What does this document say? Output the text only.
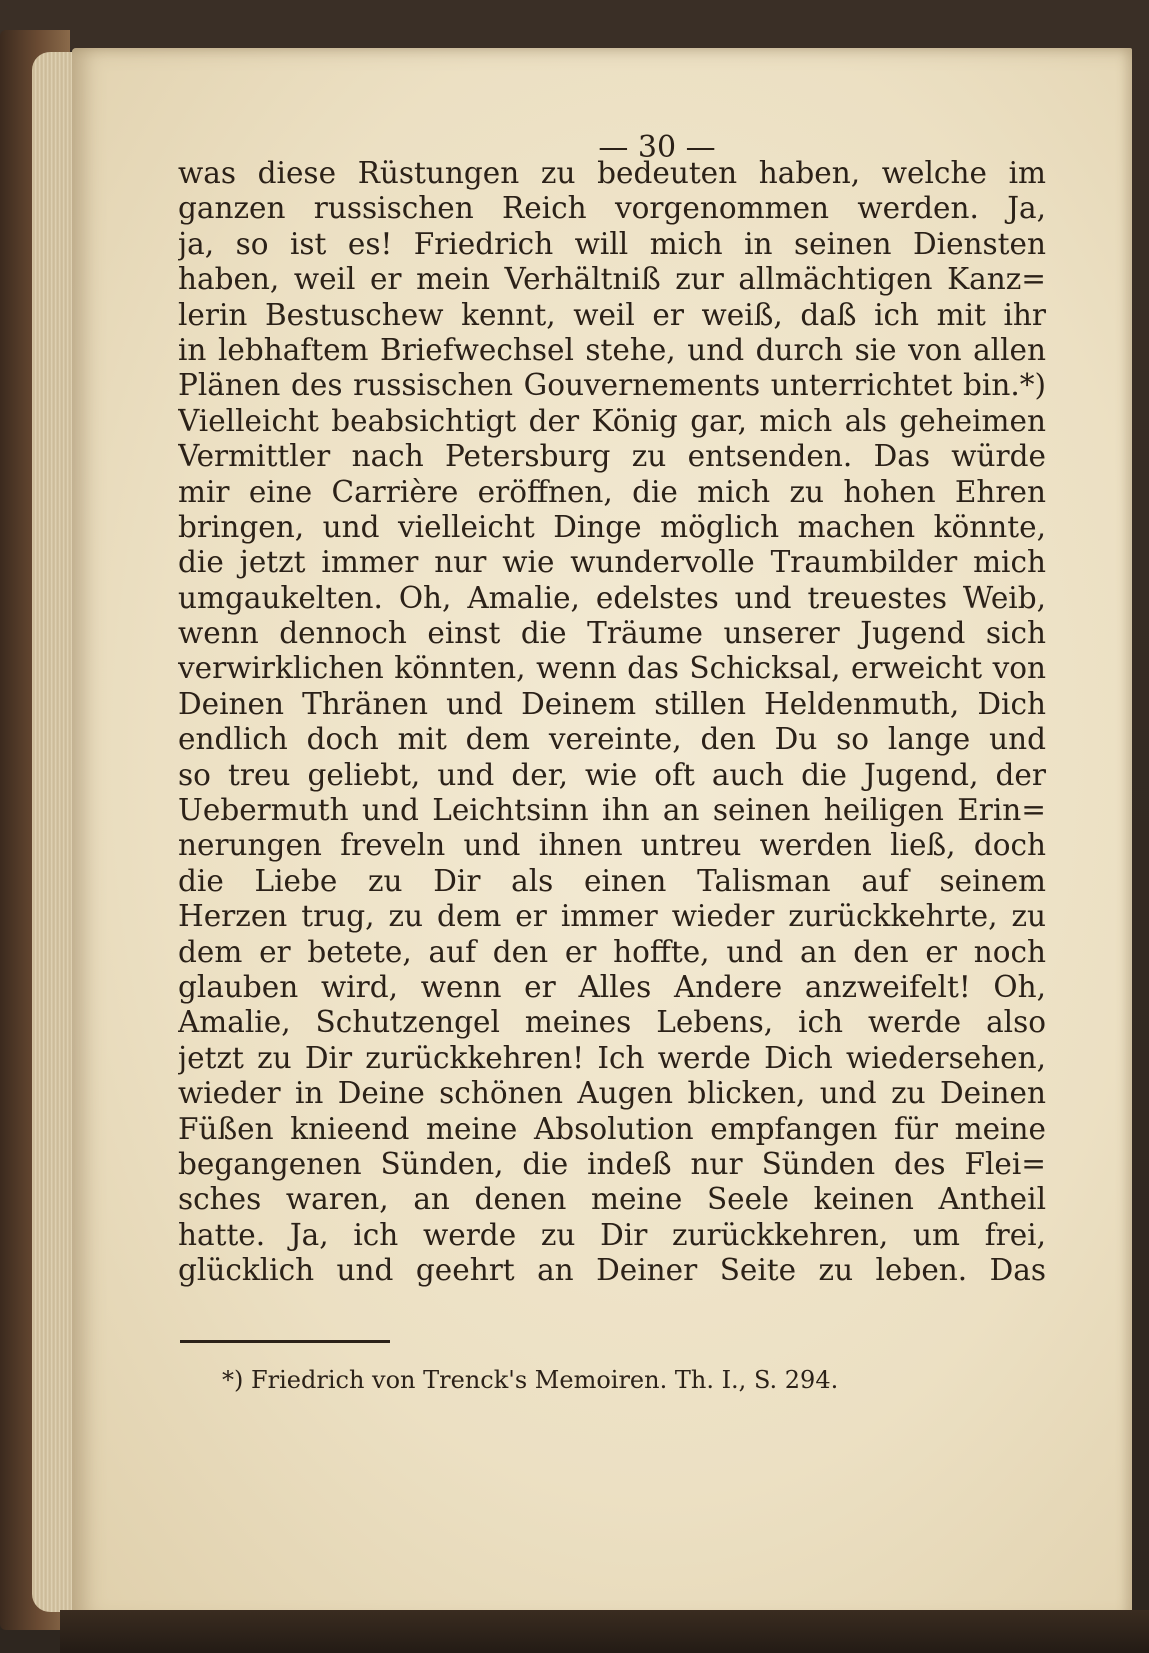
— 30 —
was diese Rüstungen zu bedeuten haben, welche im
ganzen russischen Reich vorgenommen werden. Ja,
ja, so ist es! Friedrich will mich in seinen Diensten
haben, weil er mein Verhältniß zur allmächtigen Kanz=
lerin Bestuschew kennt, weil er weiß, daß ich mit ihr
in lebhaftem Briefwechsel stehe, und durch sie von allen
Plänen des russischen Gouvernements unterrichtet bin.*)
Vielleicht beabsichtigt der König gar, mich als geheimen
Vermittler nach Petersburg zu entsenden. Das würde
mir eine Carrière eröffnen, die mich zu hohen Ehren
bringen, und vielleicht Dinge möglich machen könnte,
die jetzt immer nur wie wundervolle Traumbilder mich
umgaukelten. Oh, Amalie, edelstes und treuestes Weib,
wenn dennoch einst die Träume unserer Jugend sich
verwirklichen könnten, wenn das Schicksal, erweicht von
Deinen Thränen und Deinem stillen Heldenmuth, Dich
endlich doch mit dem vereinte, den Du so lange und
so treu geliebt, und der, wie oft auch die Jugend, der
Uebermuth und Leichtsinn ihn an seinen heiligen Erin=
nerungen freveln und ihnen untreu werden ließ, doch
die Liebe zu Dir als einen Talisman auf seinem
Herzen trug, zu dem er immer wieder zurückkehrte, zu
dem er betete, auf den er hoffte, und an den er noch
glauben wird, wenn er Alles Andere anzweifelt! Oh,
Amalie, Schutzengel meines Lebens, ich werde also
jetzt zu Dir zurückkehren! Ich werde Dich wiedersehen,
wieder in Deine schönen Augen blicken, und zu Deinen
Füßen knieend meine Absolution empfangen für meine
begangenen Sünden, die indeß nur Sünden des Flei=
sches waren, an denen meine Seele keinen Antheil
hatte. Ja, ich werde zu Dir zurückkehren, um frei,
glücklich und geehrt an Deiner Seite zu leben. Das
*) Friedrich von Trenck's Memoiren. Th. I., S. 294.
